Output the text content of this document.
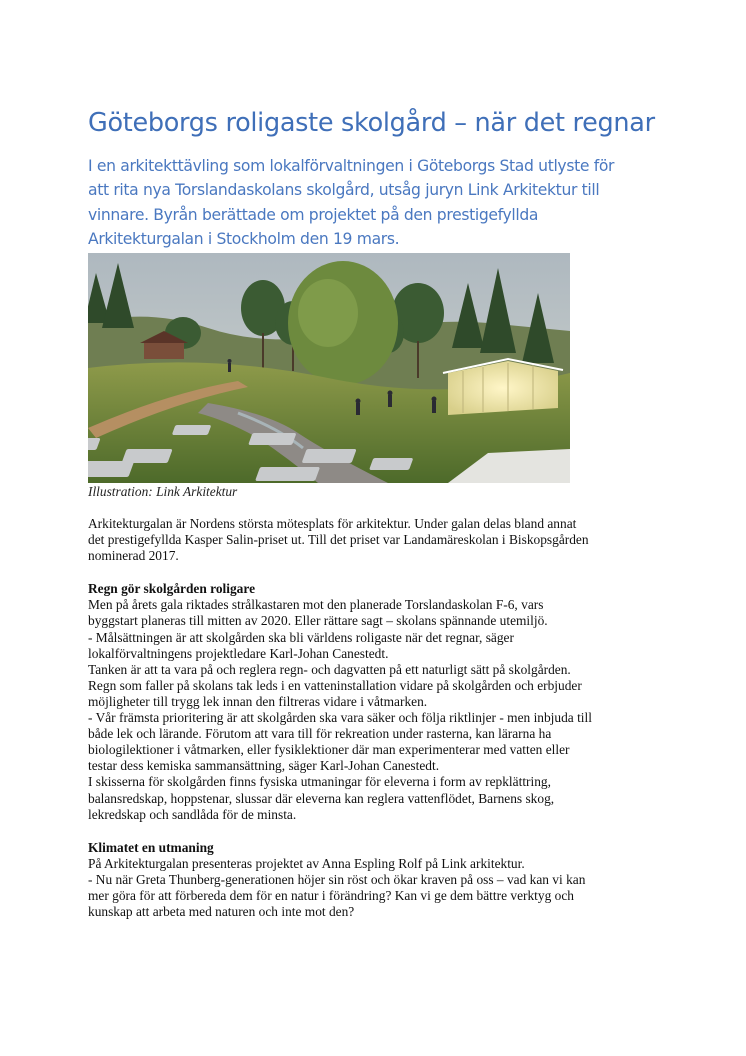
Göteborgs roligaste skolgård – när det regnar
I en arkitekttävling som lokalförvaltningen i Göteborgs Stad utlyste för
att rita nya Torslandaskolans skolgård, utsåg juryn Link Arkitektur till
vinnare. Byrån berättade om projektet på den prestigefyllda
Arkitekturgalan i Stockholm den 19 mars.
Illustration: Link Arkitektur

Arkitekturgalan är Nordens största mötesplats för arkitektur. Under galan delas bland annat
det prestigefyllda Kasper Salin-priset ut. Till det priset var Landamäreskolan i Biskopsgården
nominerad 2017.

Regn gör skolgården roligare

Men på årets gala riktades strålkastaren mot den planerade Torslandaskolan F-6, vars
byggstart planeras till mitten av 2020. Eller rättare sagt – skolans spännande utemiljö.
- Målsättningen är att skolgården ska bli världens roligaste när det regnar, säger
lokalförvaltningens projektledare Karl-Johan Canestedt.
Tanken är att ta vara på och reglera regn- och dagvatten på ett naturligt sätt på skolgården.
Regn som faller på skolans tak leds i en vatteninstallation vidare på skolgården och erbjuder
möjligheter till trygg lek innan den filtreras vidare i våtmarken.
- Vår främsta prioritering är att skolgården ska vara säker och följa riktlinjer - men inbjuda till
både lek och lärande. Förutom att vara till för rekreation under rasterna, kan lärarna ha
biologilektioner i våtmarken, eller fysiklektioner där man experimenterar med vatten eller
testar dess kemiska sammansättning, säger Karl-Johan Canestedt.
I skisserna för skolgården finns fysiska utmaningar för eleverna i form av repklättring,
balansredskap, hoppstenar, slussar där eleverna kan reglera vattenflödet, Barnens skog,
lekredskap och sandlåda för de minsta.

Klimatet en utmaning

På Arkitekturgalan presenteras projektet av Anna Espling Rolf på Link arkitektur.
- Nu när Greta Thunberg-generationen höjer sin röst och ökar kraven på oss – vad kan vi kan
mer göra för att förbereda dem för en natur i förändring? Kan vi ge dem bättre verktyg och
kunskap att arbeta med naturen och inte mot den?
